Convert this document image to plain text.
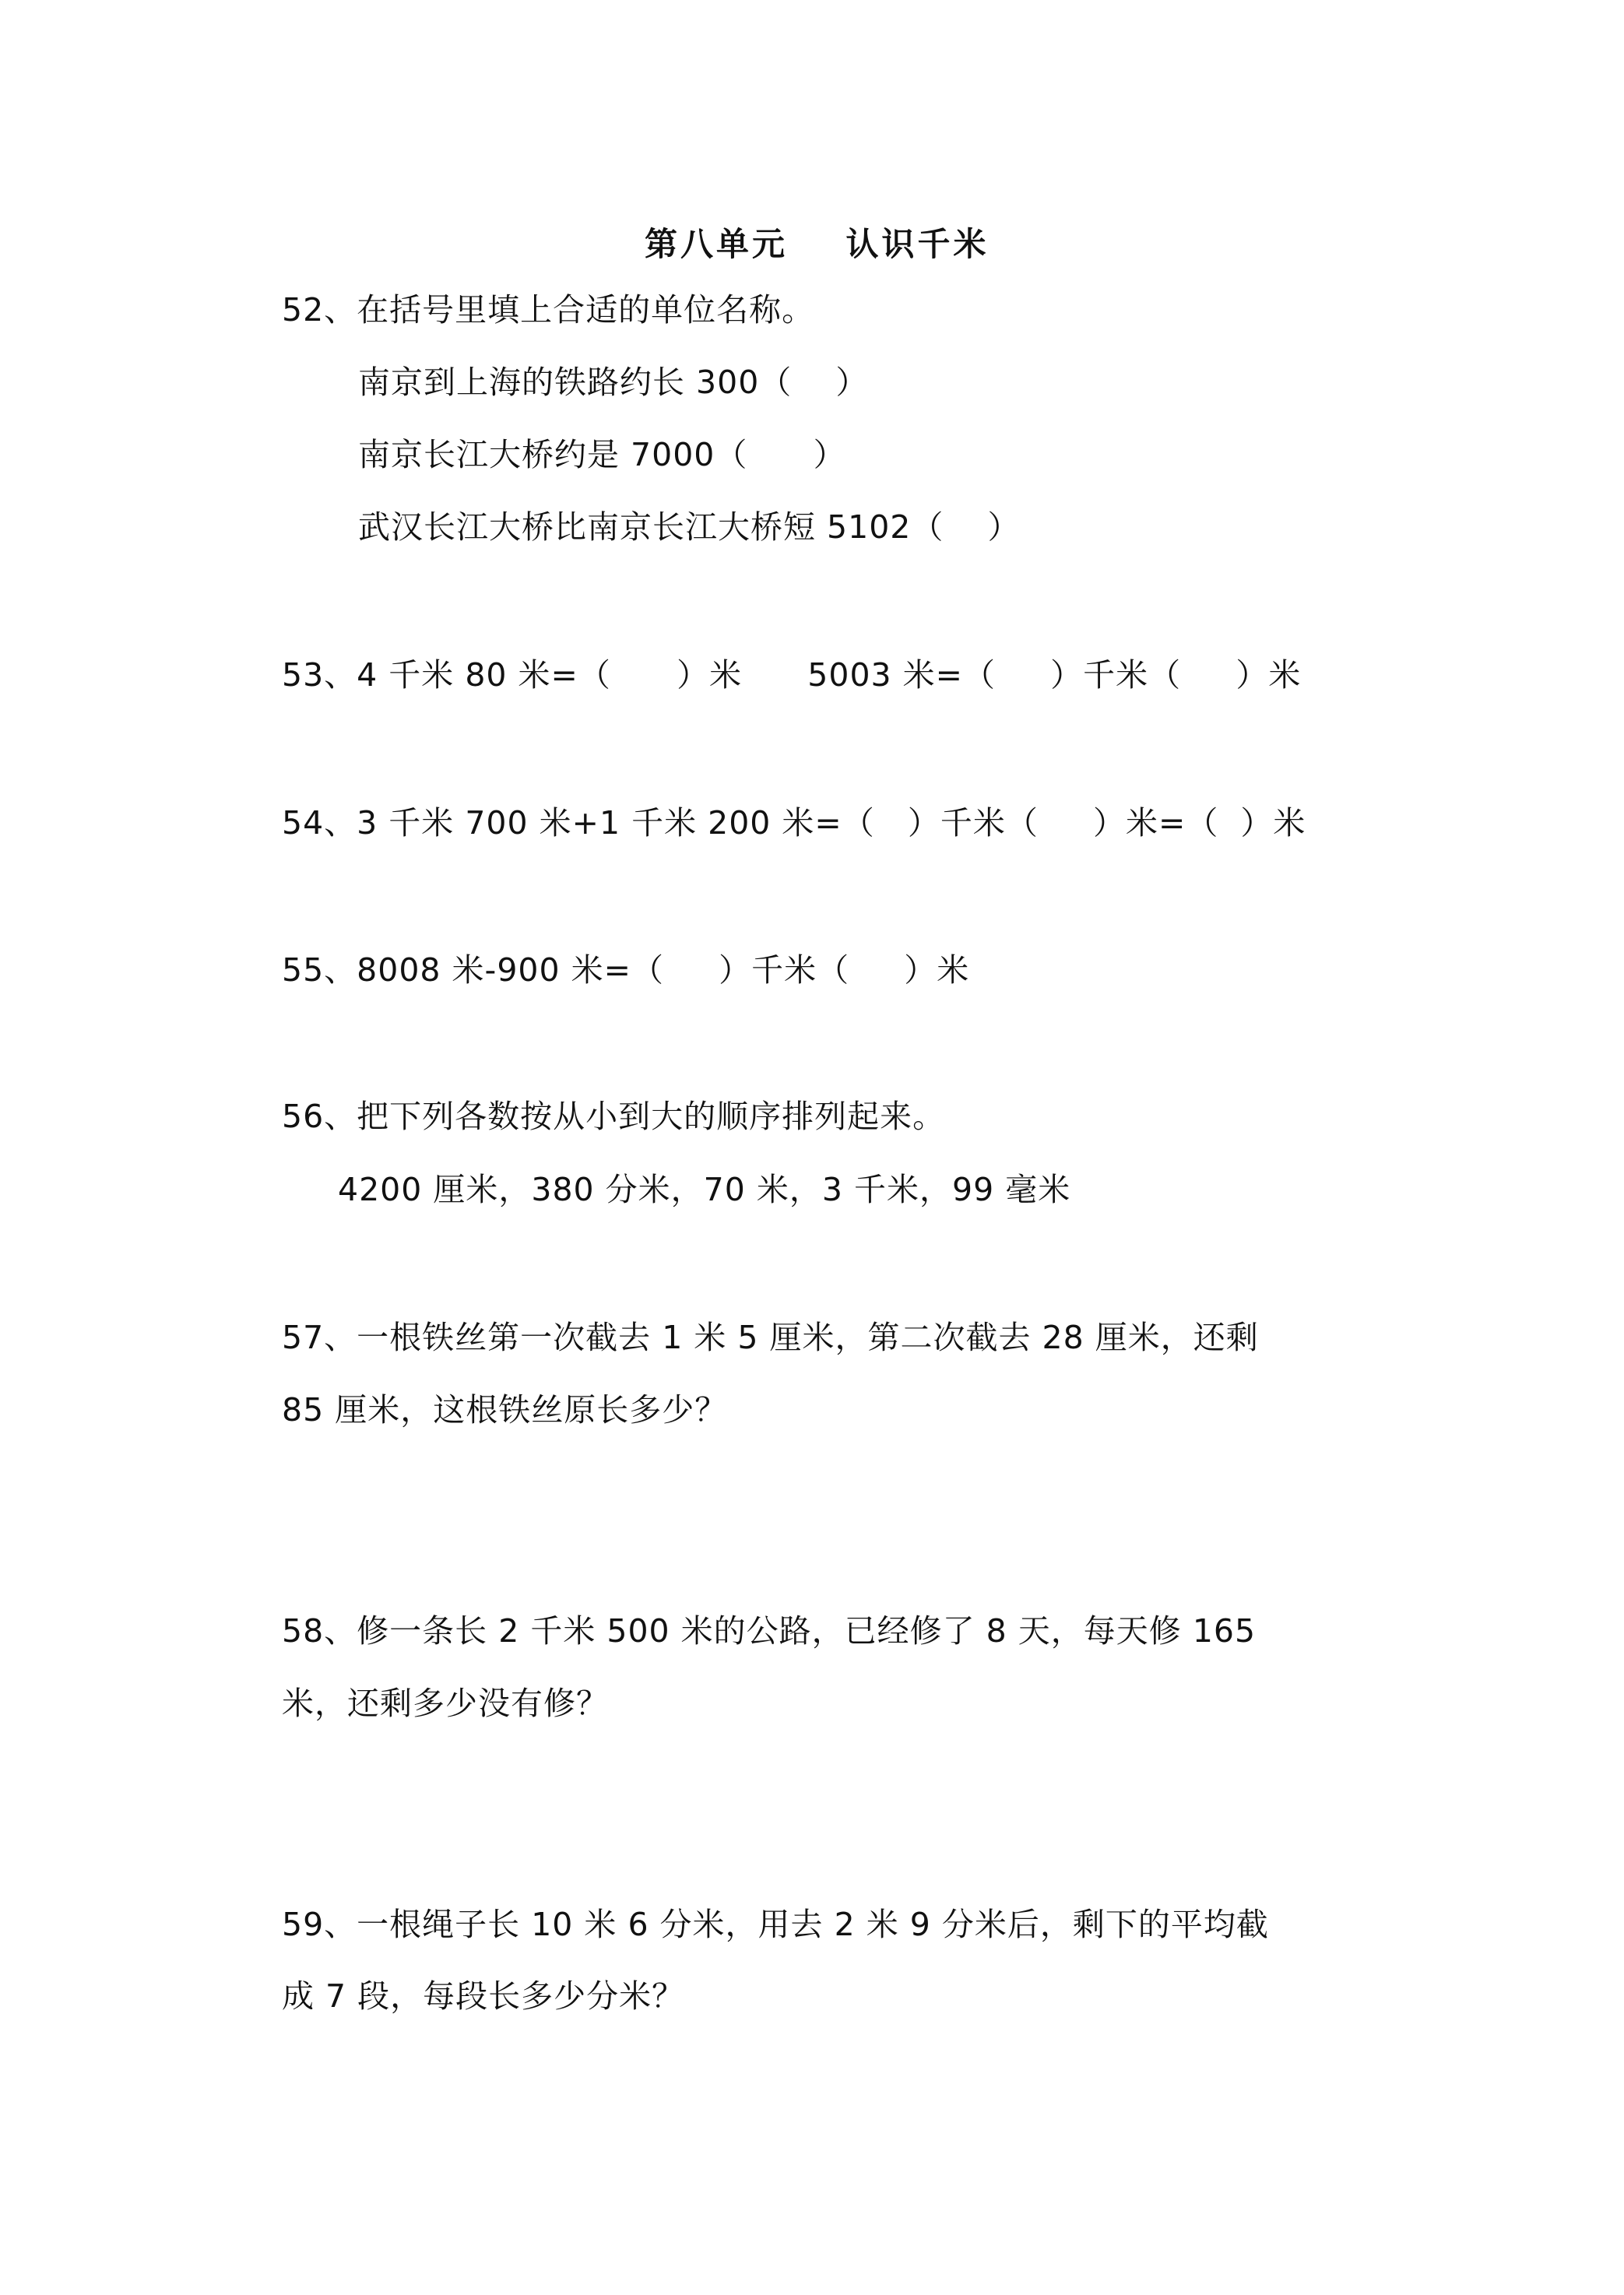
第八单元    认识千米
52、在括号里填上合适的单位名称。
南京到上海的铁路约长 300（    ）
南京长江大桥约是 7000（      ）
武汉长江大桥比南京长江大桥短 5102（    ）
53、4 千米 80 米=（      ）米      5003 米=（     ）千米（     ）米
54、3 千米 700 米+1 千米 200 米=（   ）千米（     ）米=（  ）米
55、8008 米-900 米=（     ）千米（     ）米
56、把下列各数按从小到大的顺序排列起来。
4200 厘米，380 分米，70 米，3 千米，99 毫米
57、一根铁丝第一次截去 1 米 5 厘米，第二次截去 28 厘米，还剩
85 厘米，这根铁丝原长多少？
58、修一条长 2 千米 500 米的公路，已经修了 8 天，每天修 165
米，还剩多少没有修？
59、一根绳子长 10 米 6 分米，用去 2 米 9 分米后，剩下的平均截
成 7 段，每段长多少分米？
